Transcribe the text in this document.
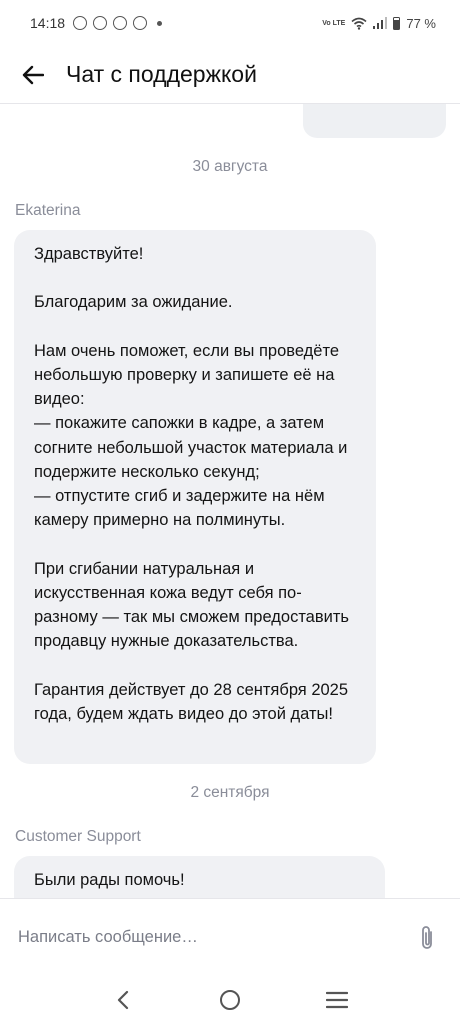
14:18	Vo LTE	77 %
Чат с поддержкой
30 августа
Ekaterina

Здравствуйте!

Благодарим за ожидание.

Нам очень поможет, если вы проведёте небольшую проверку и запишете её на видео:
— покажите сапожки в кадре, а затем согните небольшой участок материала и подержите несколько секунд;
— отпустите сгиб и задержите на нём камеру примерно на полминуты.

При сгибании натуральная и искусственная кожа ведут себя по-разному — так мы сможем предоставить продавцу нужные доказательства.

Гарантия действует до 28 сентября 2025 года, будем ждать видео до этой даты!

2 сентября
Customer Support

Были рады помочь!

Написать сообщение…
